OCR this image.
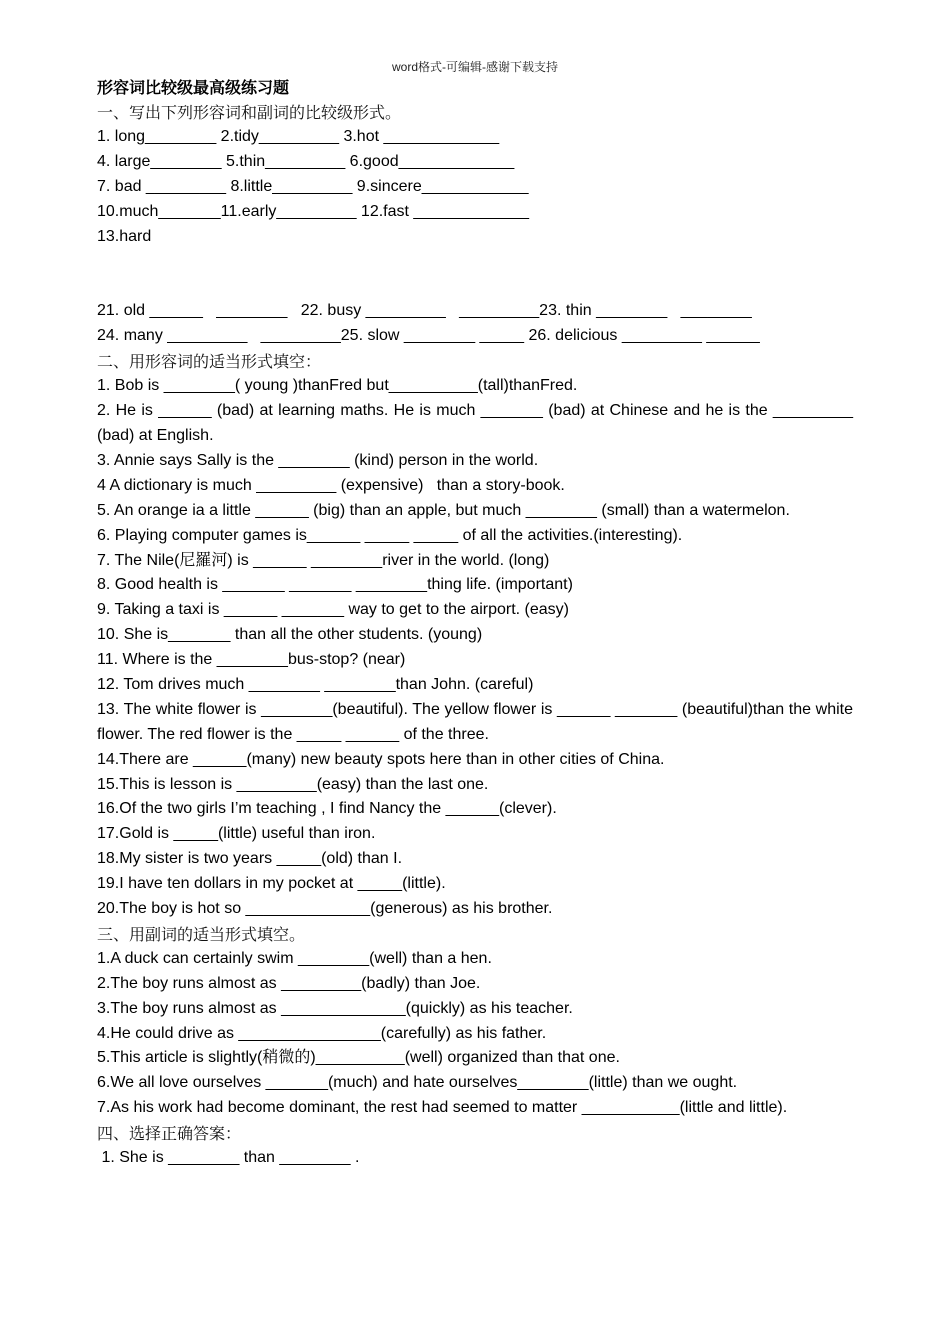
word格式-可编辑-感谢下载支持
形容词比较级最高级练习题
一、写出下列形容词和副词的比较级形式。
1. long________ 2.tidy_________ 3.hot _____________
4. large________ 5.thin_________ 6.good_____________
7. bad _________ 8.little_________ 9.sincere____________
10.much_______11.early_________ 12.fast _____________
13.hard
21. old ______   ________   22. busy _________   _________23. thin ________   ________
24. many _________   _________25. slow ________ _____ 26. delicious _________ ______
二、用形容词的适当形式填空：
1. Bob is ________( young )thanFred but__________(tall)thanFred.
2. He is ______ (bad) at learning maths. He is much _______ (bad) at Chinese and he is the _________ (bad) at English.
3. Annie says Sally is the ________ (kind) person in the world.
4 A dictionary is much _________ (expensive)   than a story-book.
5. An orange ia a little ______ (big) than an apple, but much ________ (small) than a watermelon.
6. Playing computer games is______ _____ _____ of all the activities.(interesting).
7. The Nile(尼羅河) is ______ ________river in the world. (long)
8. Good health is _______ _______ ________thing life. (important)
9. Taking a taxi is ______ _______ way to get to the airport. (easy)
10. She is_______ than all the other students. (young)
11. Where is the ________bus-stop? (near)
12. Tom drives much ________ ________than John. (careful)
13. The white flower is ________(beautiful). The yellow flower is ______ _______ (beautiful)than the white flower. The red flower is the _____ ______ of the three.
14.There are ______(many) new beauty spots here than in other cities of China.
15.This is lesson is _________(easy) than the last one.
16.Of the two girls I’m teaching , I find Nancy the ______(clever).
17.Gold is _____(little) useful than iron.
18.My sister is two years _____(old) than I.
19.I have ten dollars in my pocket at _____(little).
20.The boy is hot so ______________(generous) as his brother.
三、用副词的适当形式填空。
1.A duck can certainly swim ________(well) than a hen.
2.The boy runs almost as _________(badly) than Joe.
3.The boy runs almost as ______________(quickly) as his teacher.
4.He could drive as ________________(carefully) as his father.
5.This article is slightly(稍微的)__________(well) organized than that one.
6.We all love ourselves _______(much) and hate ourselves________(little) than we ought.
7.As his work had become dominant, the rest had seemed to matter ___________(little and little).
四、选择正确答案：
1. She is ________ than ________ .
